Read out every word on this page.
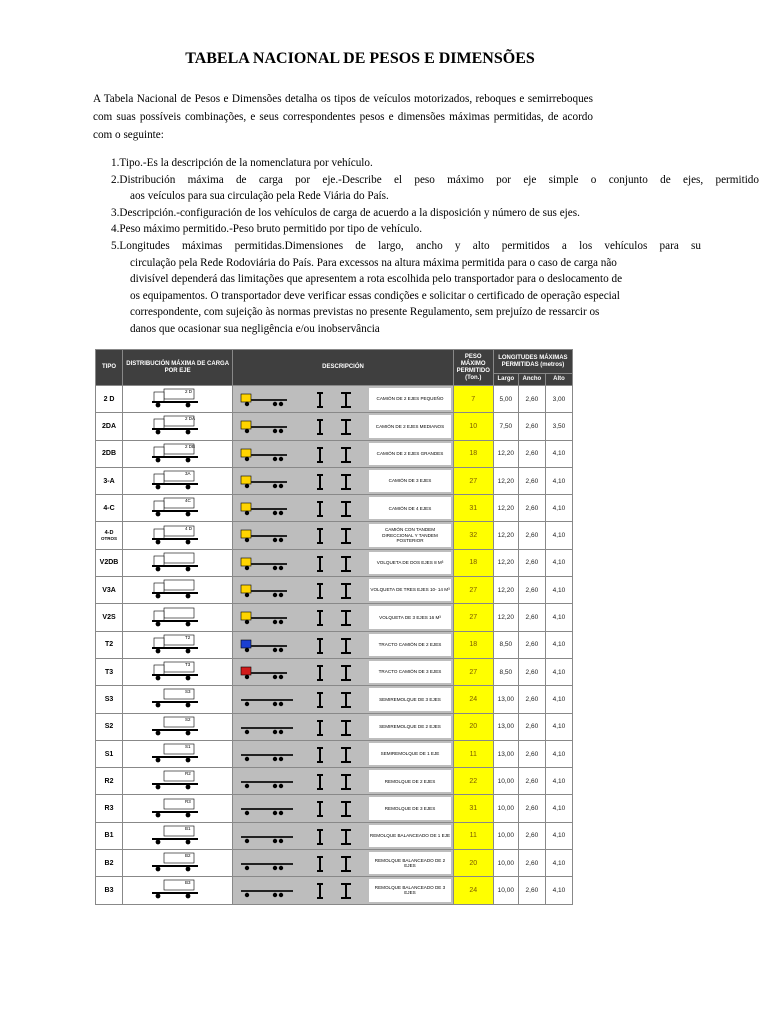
TABELA NACIONAL DE PESOS E DIMENSÕES
A Tabela Nacional de Pesos e Dimensões detalha os tipos de veículos motorizados, reboques e semirreboques com suas possíveis combinações, e seus correspondentes pesos e dimensões máximas permitidas, de acordo com o seguinte:
1.Tipo.-Es la descripción de la nomenclatura por vehículo.
2.Distribución máxima de carga por eje.-Describe el peso máximo por eje simple o conjunto de ejes, permitido
aos veículos para sua circulação pela Rede Viária do País.
3.Descripción.-configuración de los vehículos de carga de acuerdo a la disposición y número de sus ejes.
4.Peso máximo permitido.-Peso bruto permitido por tipo de vehículo.
5.Longitudes máximas permitidas.Dimensiones de largo, ancho y alto permitidos a los vehículos para su
circulação pela Rede Rodoviária do País. Para excessos na altura máxima permitida para o caso de carga não
divisível dependerá das limitações que apresentem a rota escolhida pelo transportador para o deslocamento de
os equipamentos. O transportador deve verificar essas condições e solicitar o certificado de operação especial
correspondente, com sujeição às normas previstas no presente Regulamento, sem prejuízo de ressarcir os
danos que ocasionar sua negligência e/ou inobservância
TIPO	DISTRIBUCIÓN MÁXIMA DE CARGA POR EJE	DESCRIPCIÓN	PESO MÁXIMO PERMITIDO (Ton.)	LONGITUDES MÁXIMAS PERMITIDAS (metros)		
				Largo	Ancho	Alto
2 D	2 D	CAMIÓN DE 2 EJES PEQUEÑO	7	5,00	2,60	3,00
2DA	2 DA	CAMIÓN DE 2 EJES MEDIANOS	10	7,50	2,60	3,50
2DB	2 DB	CAMIÓN DE 2 EJES GRANDES	18	12,20	2,60	4,10
3-A	3A	CAMIÓN DE 3 EJES	27	12,20	2,60	4,10
4-C	4C	CAMIÓN DE 4 EJES	31	12,20	2,60	4,10
4-D
OTROS	4 D	CAMIÓN CON TANDEM DIRECCIONAL Y TANDEM POSTERIOR	32	12,20	2,60	4,10
V2DB		VOLQUETA DE DOS EJES 8 M³	18	12,20	2,60	4,10
V3A		VOLQUETA DE TRES EJES 10- 14 M³	27	12,20	2,60	4,10
V2S		VOLQUETA DE 3 EJES 16 M³	27	12,20	2,60	4,10
T2	T2	TRACTO CAMIÓN DE 2 EJES	18	8,50	2,60	4,10
T3	T3	TRACTO CAMIÓN DE 3 EJES	27	8,50	2,60	4,10
S3	S3	SEMIREMOLQUE DE 3 EJES	24	13,00	2,60	4,10
S2	S2	SEMIREMOLQUE DE 2 EJES	20	13,00	2,60	4,10
S1	S1	SEMIREMOLQUE DE 1 EJE	11	13,00	2,60	4,10
R2	R2	REMOLQUE DE 2 EJES	22	10,00	2,60	4,10
R3	R3	REMOLQUE DE 3 EJES	31	10,00	2,60	4,10
B1	B1	REMOLQUE BALANCEADO DE 1 EJE	11	10,00	2,60	4,10
B2	B2	REMOLQUE BALANCEADO DE 2 EJES	20	10,00	2,60	4,10
B3	B3	REMOLQUE BALANCEADO DE 3 EJES	24	10,00	2,60	4,10
